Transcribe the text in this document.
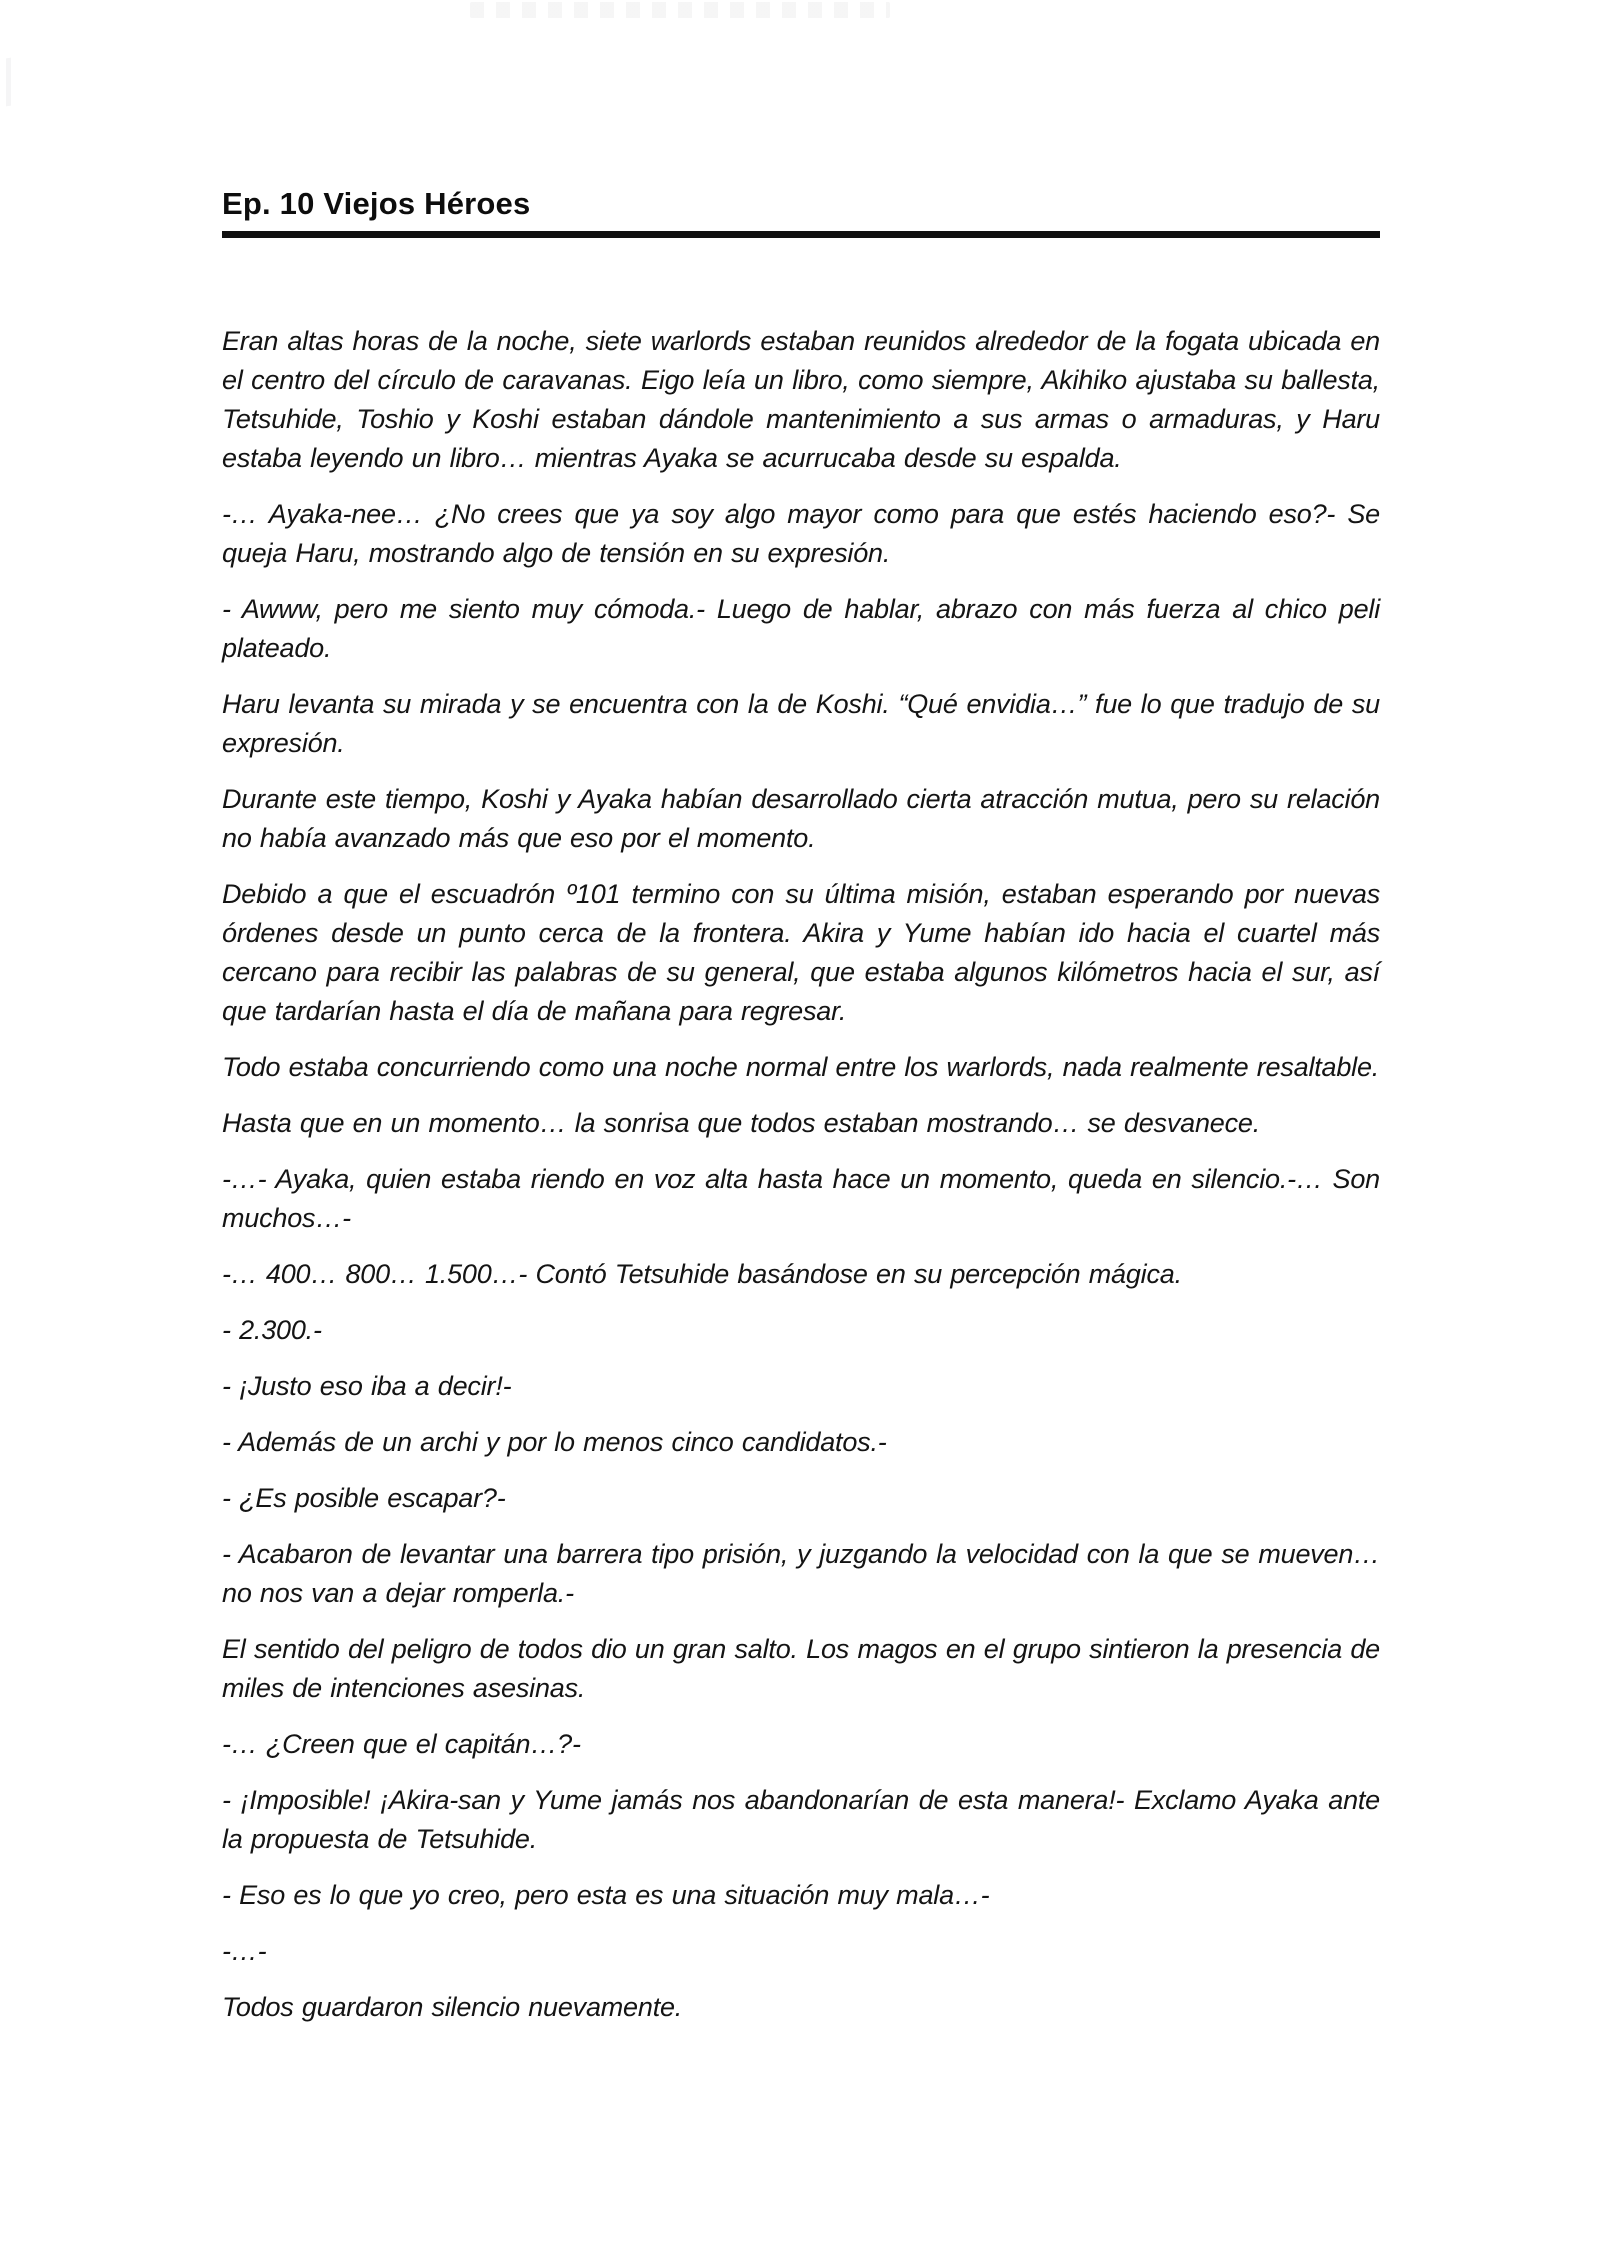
Ep. 10 Viejos Héroes

Eran altas horas de la noche, siete warlords estaban reunidos alrededor de la fogata ubicada en el centro del círculo de caravanas. Eigo leía un libro, como siempre, Akihiko ajustaba su ballesta, Tetsuhide, Toshio y Koshi estaban dándole mantenimiento a sus armas o armaduras, y Haru estaba leyendo un libro… mientras Ayaka se acurrucaba desde su espalda.

-… Ayaka-nee… ¿No crees que ya soy algo mayor como para que estés haciendo eso?- Se queja Haru, mostrando algo de tensión en su expresión.

- Awww, pero me siento muy cómoda.- Luego de hablar, abrazo con más fuerza al chico peli plateado.

Haru levanta su mirada y se encuentra con la de Koshi. “Qué envidia…” fue lo que tradujo de su expresión.

Durante este tiempo, Koshi y Ayaka habían desarrollado cierta atracción mutua, pero su relación no había avanzado más que eso por el momento.

Debido a que el escuadrón º101 termino con su última misión, estaban esperando por nuevas órdenes desde un punto cerca de la frontera. Akira y Yume habían ido hacia el cuartel más cercano para recibir las palabras de su general, que estaba algunos kilómetros hacia el sur, así que tardarían hasta el día de mañana para regresar.

Todo estaba concurriendo como una noche normal entre los warlords, nada realmente resaltable.

Hasta que en un momento… la sonrisa que todos estaban mostrando… se desvanece.

-…- Ayaka, quien estaba riendo en voz alta hasta hace un momento, queda en silencio.-… Son muchos…-

-… 400… 800… 1.500…- Contó Tetsuhide basándose en su percepción mágica.

- 2.300.-

- ¡Justo eso iba a decir!-

- Además de un archi y por lo menos cinco candidatos.-

- ¿Es posible escapar?-

- Acabaron de levantar una barrera tipo prisión, y juzgando la velocidad con la que se mueven… no nos van a dejar romperla.-

El sentido del peligro de todos dio un gran salto. Los magos en el grupo sintieron la presencia de miles de intenciones asesinas.

-… ¿Creen que el capitán…?-

- ¡Imposible! ¡Akira-san y Yume jamás nos abandonarían de esta manera!- Exclamo Ayaka ante la propuesta de Tetsuhide.

- Eso es lo que yo creo, pero esta es una situación muy mala…-

-…-

Todos guardaron silencio nuevamente.
